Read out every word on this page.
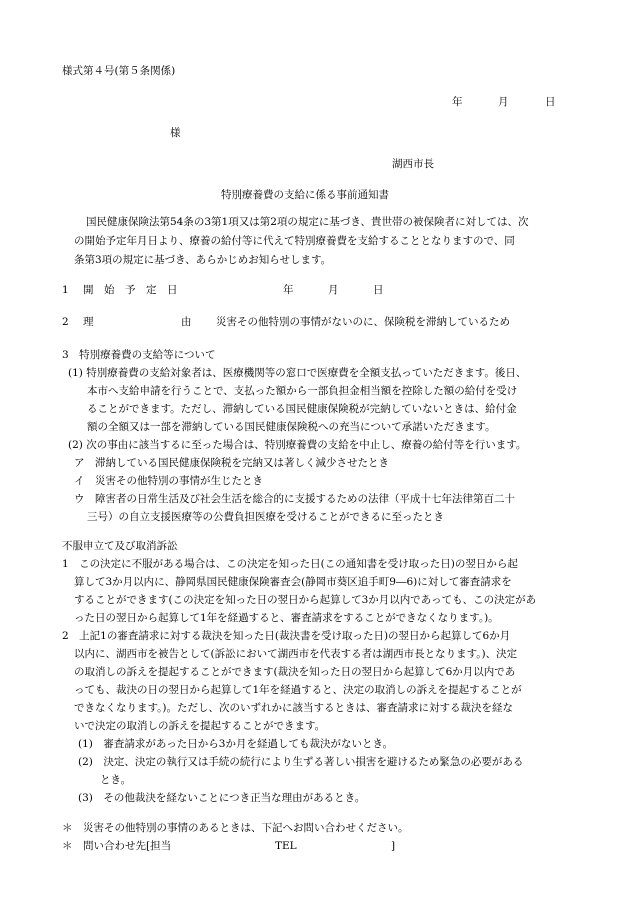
様式第４号(第５条関係)
年	月	日
様
湖西市長
特別療養費の支給に係る事前通知書
国民健康保険法第54条の3第1項又は第2項の規定に基づき、貴世帯の被保険者に対しては、次
の開始予定年月日より、療養の給付等に代えて特別療養費を支給することとなりますので、同
条第3項の規定に基づき、あらかじめお知らせします。
1 開　始　予　定　日	年	月	日
2 理	由 災害その他特別の事情がないのに、保険税を滞納しているため
3　特別療養費の支給等について
(1) 特別療養費の支給対象者は、医療機関等の窓口で医療費を全額支払っていただきます。後日、
本市へ支給申請を行うことで、支払った額から一部負担金相当額を控除した額の給付を受け
ることができます。ただし、滞納している国民健康保険税が完納していないときは、給付金
額の全額又は一部を滞納している国民健康保険税への充当について承諾いただきます。
(2) 次の事由に該当するに至った場合は、特別療養費の支給を中止し、療養の給付等を行います。
ア　滞納している国民健康保険税を完納又は著しく減少させたとき
イ　災害その他特別の事情が生じたとき
ウ　障害者の日常生活及び社会生活を総合的に支援するための法律（平成十七年法律第百二十
三号）の自立支援医療等の公費負担医療を受けることができるに至ったとき
不服申立て及び取消訴訟
1　この決定に不服がある場合は、この決定を知った日(この通知書を受け取った日)の翌日から起
算して3か月以内に、静岡県国民健康保険審査会(静岡市葵区追手町9―6)に対して審査請求を
することができます(この決定を知った日の翌日から起算して3か月以内であっても、この決定があ
った日の翌日から起算して1年を経過すると、審査請求をすることができなくなります。)。
2　上記1の審査請求に対する裁決を知った日(裁決書を受け取った日)の翌日から起算して6か月
以内に、湖西市を被告として(訴訟において湖西市を代表する者は湖西市長となります。)、決定
の取消しの訴えを提起することができます(裁決を知った日の翌日から起算して6か月以内であ
っても、裁決の日の翌日から起算して1年を経過すると、決定の取消しの訴えを提起することが
できなくなります。)。ただし、次のいずれかに該当するときは、審査請求に対する裁決を経な
いで決定の取消しの訴えを提起することができます。
(1)　審査請求があった日から3か月を経過しても裁決がないとき。
(2)　決定、決定の執行又は手続の続行により生ずる著しい損害を避けるため緊急の必要がある
とき。
(3)　その他裁決を経ないことにつき正当な理由があるとき。
＊　災害その他特別の事情のあるときは、下記へお問い合わせください。
＊　問い合わせ先[担当	TEL	]
